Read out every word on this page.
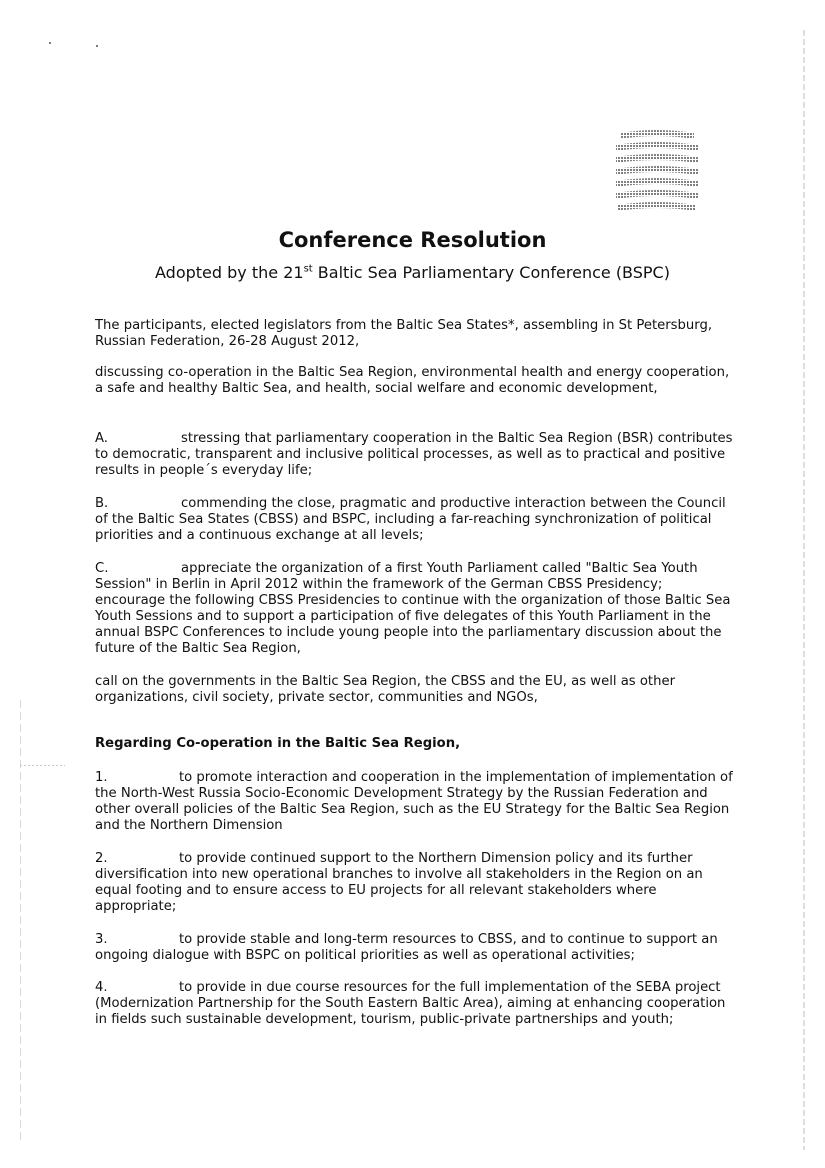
Conference Resolution
Adopted by the 21st Baltic Sea Parliamentary Conference (BSPC)
The participants, elected legislators from the Baltic Sea States*, assembling in St Petersburg, Russian Federation, 26-28 August 2012,
discussing co-operation in the Baltic Sea Region, environmental health and energy cooperation, a safe and healthy Baltic Sea, and health, social welfare and economic development,
A.	stressing that parliamentary cooperation in the Baltic Sea Region (BSR) contributes to democratic, transparent and inclusive political processes, as well as to practical and positive results in people´s everyday life;
B.	commending the close, pragmatic and productive interaction between the Council of the Baltic Sea States (CBSS) and BSPC, including a far-reaching synchronization of political priorities and a continuous exchange at all levels;
C.	appreciate the organization of a first Youth Parliament called "Baltic Sea Youth Session" in Berlin in April 2012 within the framework of the German CBSS Presidency; encourage the following CBSS Presidencies to continue with the organization of those Baltic Sea Youth Sessions and to support a participation of five delegates of this Youth Parliament in the annual BSPC Conferences to include young people into the parliamentary discussion about the future of the Baltic Sea Region,
call on the governments in the Baltic Sea Region, the CBSS and the EU, as well as other organizations, civil society, private sector, communities and NGOs,
Regarding Co-operation in the Baltic Sea Region,
1.	to promote interaction and cooperation in the implementation of implementation of the North-West Russia Socio-Economic Development Strategy by the Russian Federation and other overall policies of the Baltic Sea Region, such as the EU Strategy for the Baltic Sea Region and the Northern Dimension
2.	to provide continued support to the Northern Dimension policy and its further diversification into new operational branches to involve all stakeholders in the Region on an equal footing and to ensure access to EU projects for all relevant stakeholders where appropriate;
3.	to provide stable and long-term resources to CBSS, and to continue to support an ongoing dialogue with BSPC on political priorities as well as operational activities;
4.	to provide in due course resources for the full implementation of the SEBA project (Modernization Partnership for the South Eastern Baltic Area), aiming at enhancing cooperation in fields such sustainable development, tourism, public-private partnerships and youth;
